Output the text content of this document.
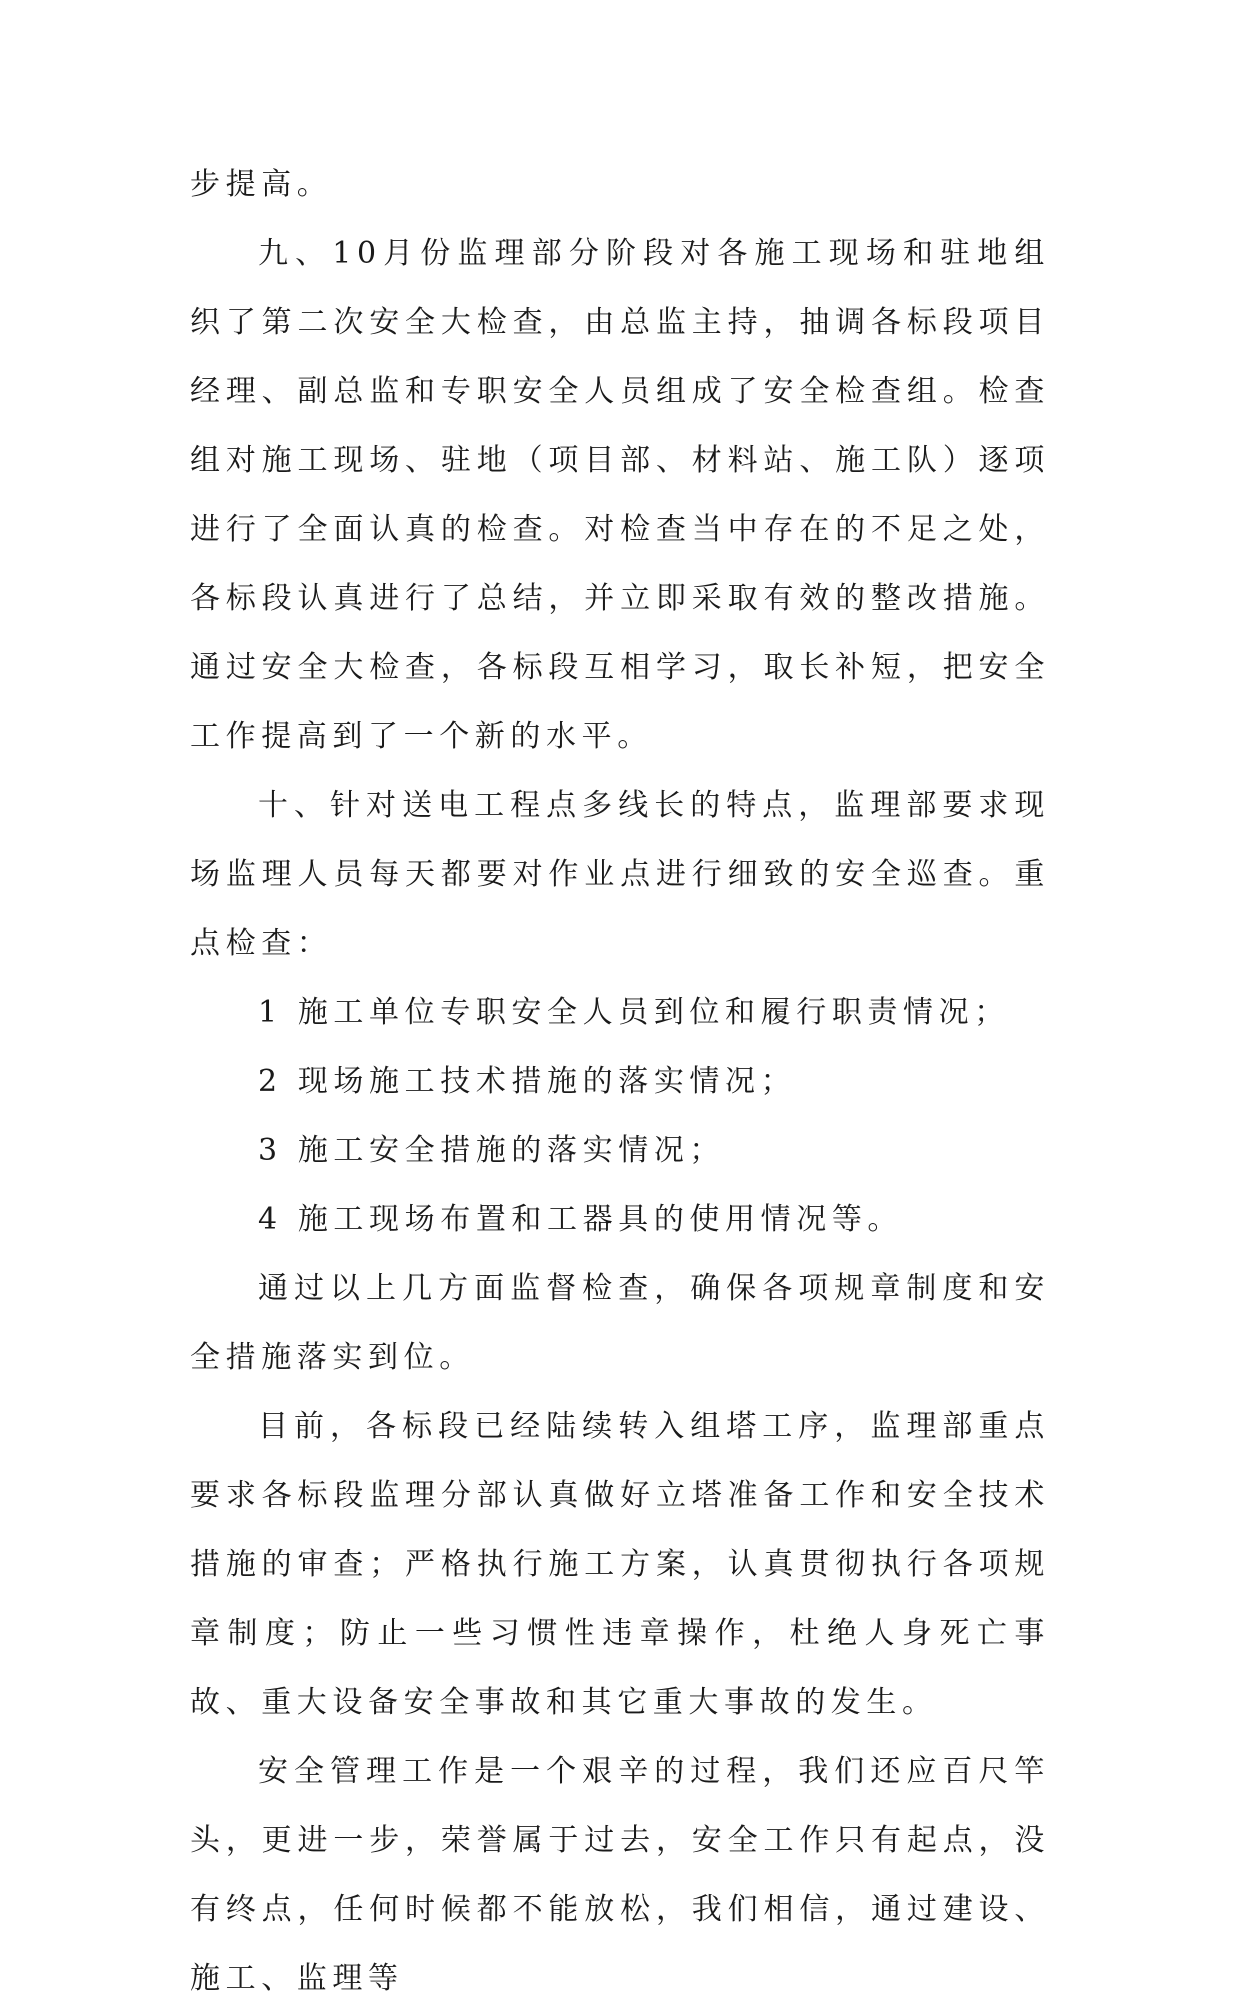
步提高。

九、10月份监理部分阶段对各施工现场和驻地组织了第二次安全大检查，由总监主持，抽调各标段项目经理、副总监和专职安全人员组成了安全检查组。检查组对施工现场、驻地（项目部、材料站、施工队）逐项进行了全面认真的检查。对检查当中存在的不足之处，各标段认真进行了总结，并立即采取有效的整改措施。通过安全大检查，各标段互相学习，取长补短，把安全工作提高到了一个新的水平。

十、针对送电工程点多线长的特点，监理部要求现场监理人员每天都要对作业点进行细致的安全巡查。重点检查：

1 施工单位专职安全人员到位和履行职责情况；

2 现场施工技术措施的落实情况；

3 施工安全措施的落实情况；

4 施工现场布置和工器具的使用情况等。

通过以上几方面监督检查，确保各项规章制度和安全措施落实到位。

目前，各标段已经陆续转入组塔工序，监理部重点要求各标段监理分部认真做好立塔准备工作和安全技术措施的审查；严格执行施工方案，认真贯彻执行各项规章制度；防止一些习惯性违章操作，杜绝人身死亡事故、重大设备安全事故和其它重大事故的发生。

安全管理工作是一个艰辛的过程，我们还应百尺竿头，更进一步，荣誉属于过去，安全工作只有起点，没有终点，任何时候都不能放松，我们相信，通过建设、施工、监理等
